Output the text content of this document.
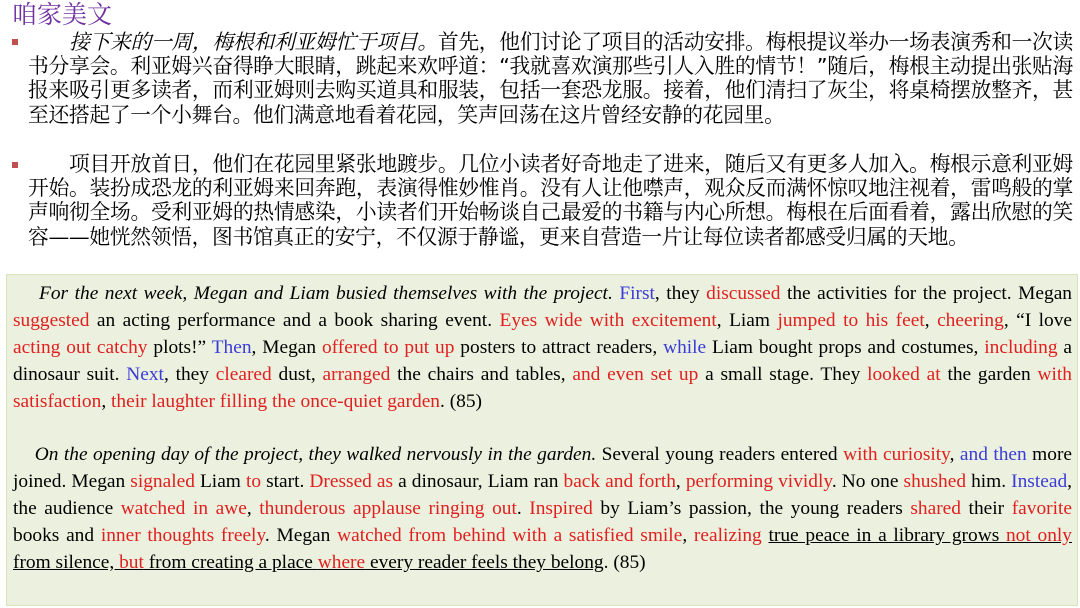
咱家美文
　　接下来的一周，梅根和利亚姆忙于项目。首先，他们讨论了项目的活动安排。梅根提议举办一场表演秀和一次读书分享会。利亚姆兴奋得睁大眼睛，跳起来欢呼道：“我就喜欢演那些引人入胜的情节！”随后，梅根主动提出张贴海报来吸引更多读者，而利亚姆则去购买道具和服装，包括一套恐龙服。接着，他们清扫了灰尘，将桌椅摆放整齐，甚至还搭起了一个小舞台。他们满意地看着花园，笑声回荡在这片曾经安静的花园里。
　　项目开放首日，他们在花园里紧张地踱步。几位小读者好奇地走了进来，随后又有更多人加入。梅根示意利亚姆开始。装扮成恐龙的利亚姆来回奔跑，表演得惟妙惟肖。没有人让他噤声，观众反而满怀惊叹地注视着，雷鸣般的掌声响彻全场。受利亚姆的热情感染，小读者们开始畅谈自己最爱的书籍与内心所想。梅根在后面看着，露出欣慰的笑容——她恍然领悟，图书馆真正的安宁，不仅源于静谧，更来自营造一片让每位读者都感受归属的天地。
For the next week, Megan and Liam busied themselves with the project. First, they discussed the activities for the project. Megan suggested an acting performance and a book sharing event. Eyes wide with excitement, Liam jumped to his feet, cheering, “I love acting out catchy plots!” Then, Megan offered to put up posters to attract readers, while Liam bought props and costumes, including a dinosaur suit. Next, they cleared dust, arranged the chairs and tables, and even set up a small stage. They looked at the garden with satisfaction, their laughter filling the once-quiet garden. (85)
On the opening day of the project, they walked nervously in the garden. Several young readers entered with curiosity, and then more joined. Megan signaled Liam to start. Dressed as a dinosaur, Liam ran back and forth, performing vividly. No one shushed him. Instead, the audience watched in awe, thunderous applause ringing out. Inspired by Liam’s passion, the young readers shared their favorite books and inner thoughts freely. Megan watched from behind with a satisfied smile, realizing true peace in a library grows not only from silence, but from creating a place where every reader feels they belong. (85)
